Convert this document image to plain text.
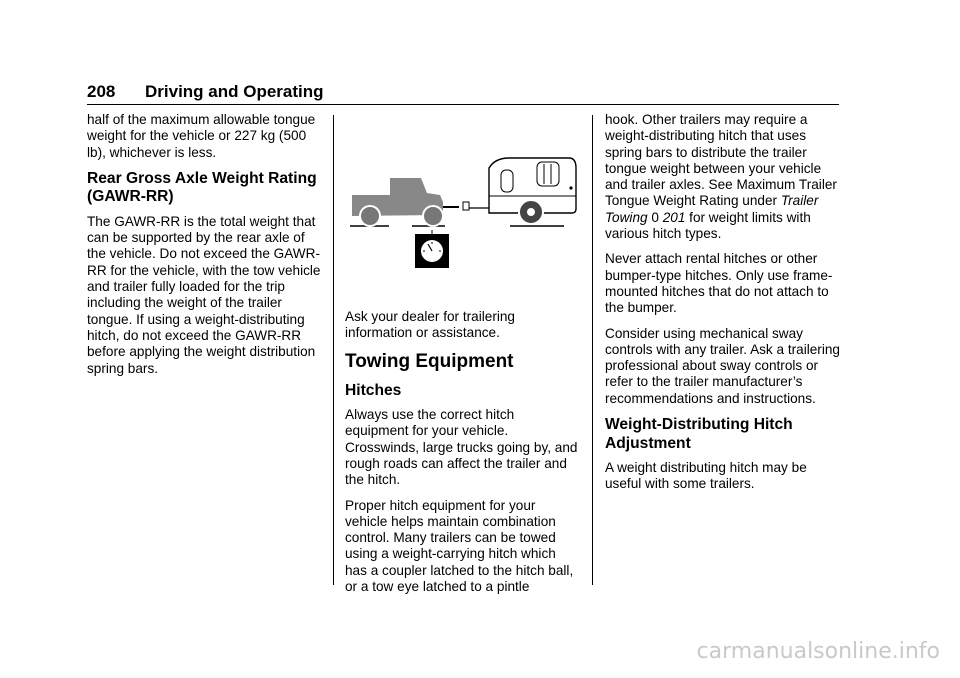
208 Driving and Operating

half of the maximum allowable tongue weight for the vehicle or 227 kg (500 lb), whichever is less.

Rear Gross Axle Weight Rating (GAWR-RR)

The GAWR-RR is the total weight that can be supported by the rear axle of the vehicle. Do not exceed the GAWR-RR for the vehicle, with the tow vehicle and trailer fully loaded for the trip including the weight of the trailer tongue. If using a weight-distributing hitch, do not exceed the GAWR-RR before applying the weight distribution spring bars.

Ask your dealer for trailering information or assistance.

Towing Equipment
Hitches

Always use the correct hitch equipment for your vehicle. Crosswinds, large trucks going by, and rough roads can affect the trailer and the hitch.

Proper hitch equipment for your vehicle helps maintain combination control. Many trailers can be towed using a weight-carrying hitch which has a coupler latched to the hitch ball, or a tow eye latched to a pintle

hook. Other trailers may require a weight-distributing hitch that uses spring bars to distribute the trailer tongue weight between your vehicle and trailer axles. See Maximum Trailer Tongue Weight Rating under Trailer Towing 0 201 for weight limits with various hitch types.

Never attach rental hitches or other bumper-type hitches. Only use frame-mounted hitches that do not attach to the bumper.

Consider using mechanical sway controls with any trailer. Ask a trailering professional about sway controls or refer to the trailer manufacturer’s recommendations and instructions.

Weight-Distributing Hitch Adjustment

A weight distributing hitch may be useful with some trailers.

carmanualsonline.info
